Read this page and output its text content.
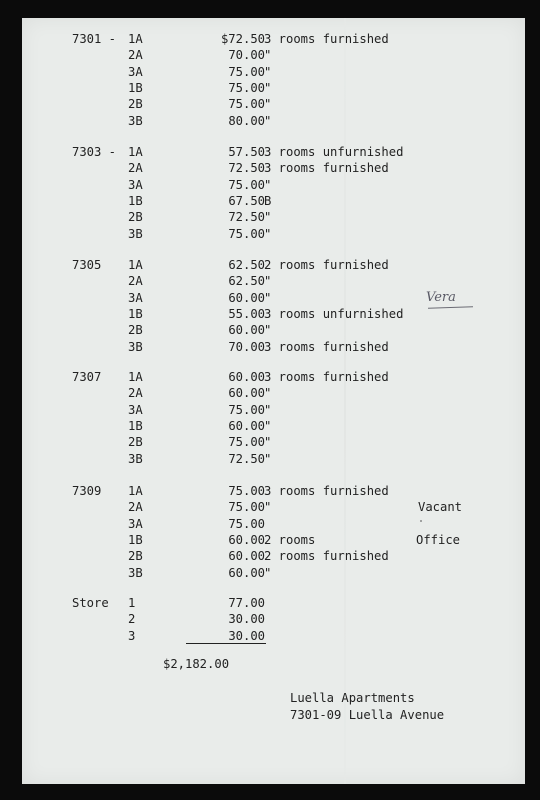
7301 - 1A	$72.50 3 rooms furnished
2A	70.00 "
3A	75.00 "
1B	75.00 "
2B	75.00 "
3B	80.00 "
7303 - 1A	57.50 3 rooms unfurnished
2A	72.50 3 rooms furnished
3A	75.00 "
1B	67.50 B
2B	72.50 "
3B	75.00 "
7305 1A	62.50 2 rooms furnished
2A	62.50 "
3A	60.00 "
1B	55.00 3 rooms unfurnished
2B	60.00 "
3B	70.00 3 rooms furnished
7307 1A	60.00 3 rooms furnished
2A	60.00 "
3A	75.00 "
1B	60.00 "
2B	75.00 "
3B	72.50 "
7309 1A	75.00 3 rooms furnished
2A	75.00 "	Vacant
3A	75.00
1B	60.00 2 rooms	Office
2B	60.00 2 rooms furnished
3B	60.00 "
Store 1	77.00
2	30.00
3	30.00
Vera
$2,182.00
Luella Apartments
7301-09 Luella Avenue
